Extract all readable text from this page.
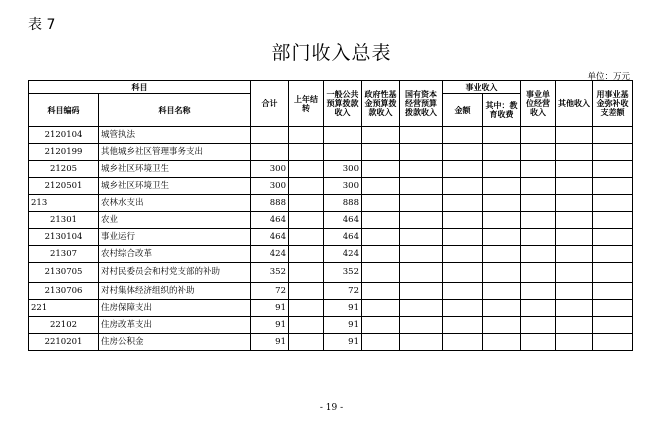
表 7
部门收入总表
单位：万元
科目		合计	上年结转	一般公共预算拨款收入	政府性基金预算拨款收入	国有资本经营预算拨款收入	事业收入		事业单位经营收入	其他收入	用事业基金弥补收支差额
科目编码	科目名称						金额	其中：教育收费			
2120104	城管执法										
2120199	其他城乡社区管理事务支出										
21205	城乡社区环境卫生	300		300							
2120501	城乡社区环境卫生	300		300							
213	农林水支出	888		888							
21301	农业	464		464							
2130104	事业运行	464		464							
21307	农村综合改革	424		424							
2130705	对村民委员会和村党支部的补助	352		352							
2130706	对村集体经济组织的补助	72		72							
221	住房保障支出	91		91							
22102	住房改革支出	91		91							
2210201	住房公积金	91		91							
- 19 -
